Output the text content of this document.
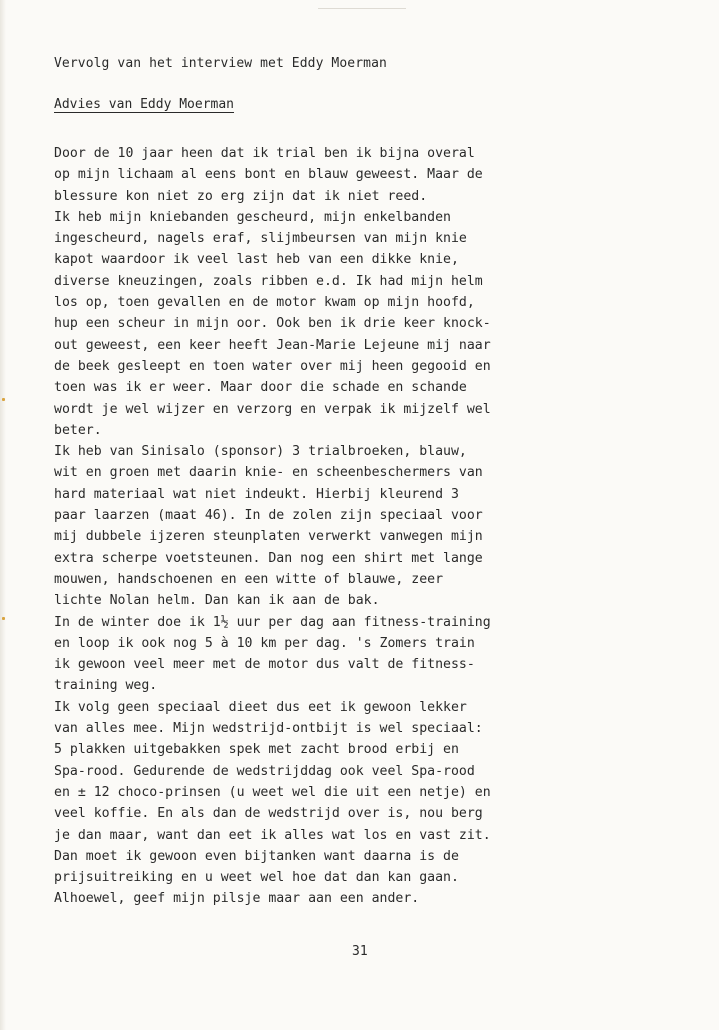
Vervolg van het interview met Eddy Moerman
Advies van Eddy Moerman
Door de 10 jaar heen dat ik trial ben ik bijna overal
op mijn lichaam al eens bont en blauw geweest. Maar de
blessure kon niet zo erg zijn dat ik niet reed.
Ik heb mijn kniebanden gescheurd, mijn enkelbanden
ingescheurd, nagels eraf, slijmbeursen van mijn knie
kapot waardoor ik veel last heb van een dikke knie,
diverse kneuzingen, zoals ribben e.d. Ik had mijn helm
los op, toen gevallen en de motor kwam op mijn hoofd,
hup een scheur in mijn oor. Ook ben ik drie keer knock-
out geweest, een keer heeft Jean-Marie Lejeune mij naar
de beek gesleept en toen water over mij heen gegooid en
toen was ik er weer. Maar door die schade en schande
wordt je wel wijzer en verzorg en verpak ik mijzelf wel
beter.
Ik heb van Sinisalo (sponsor) 3 trialbroeken, blauw,
wit en groen met daarin knie- en scheenbeschermers van
hard materiaal wat niet indeukt. Hierbij kleurend 3
paar laarzen (maat 46). In de zolen zijn speciaal voor
mij dubbele ijzeren steunplaten verwerkt vanwegen mijn
extra scherpe voetsteunen. Dan nog een shirt met lange
mouwen, handschoenen en een witte of blauwe, zeer
lichte Nolan helm. Dan kan ik aan de bak.
In de winter doe ik 1½ uur per dag aan fitness-training
en loop ik ook nog 5 à 10 km per dag. 's Zomers train
ik gewoon veel meer met de motor dus valt de fitness-
training weg.
Ik volg geen speciaal dieet dus eet ik gewoon lekker
van alles mee. Mijn wedstrijd-ontbijt is wel speciaal:
5 plakken uitgebakken spek met zacht brood erbij en
Spa-rood. Gedurende de wedstrijddag ook veel Spa-rood
en ± 12 choco-prinsen (u weet wel die uit een netje) en
veel koffie. En als dan de wedstrijd over is, nou berg
je dan maar, want dan eet ik alles wat los en vast zit.
Dan moet ik gewoon even bijtanken want daarna is de
prijsuitreiking en u weet wel hoe dat dan kan gaan.
Alhoewel, geef mijn pilsje maar aan een ander.
31
